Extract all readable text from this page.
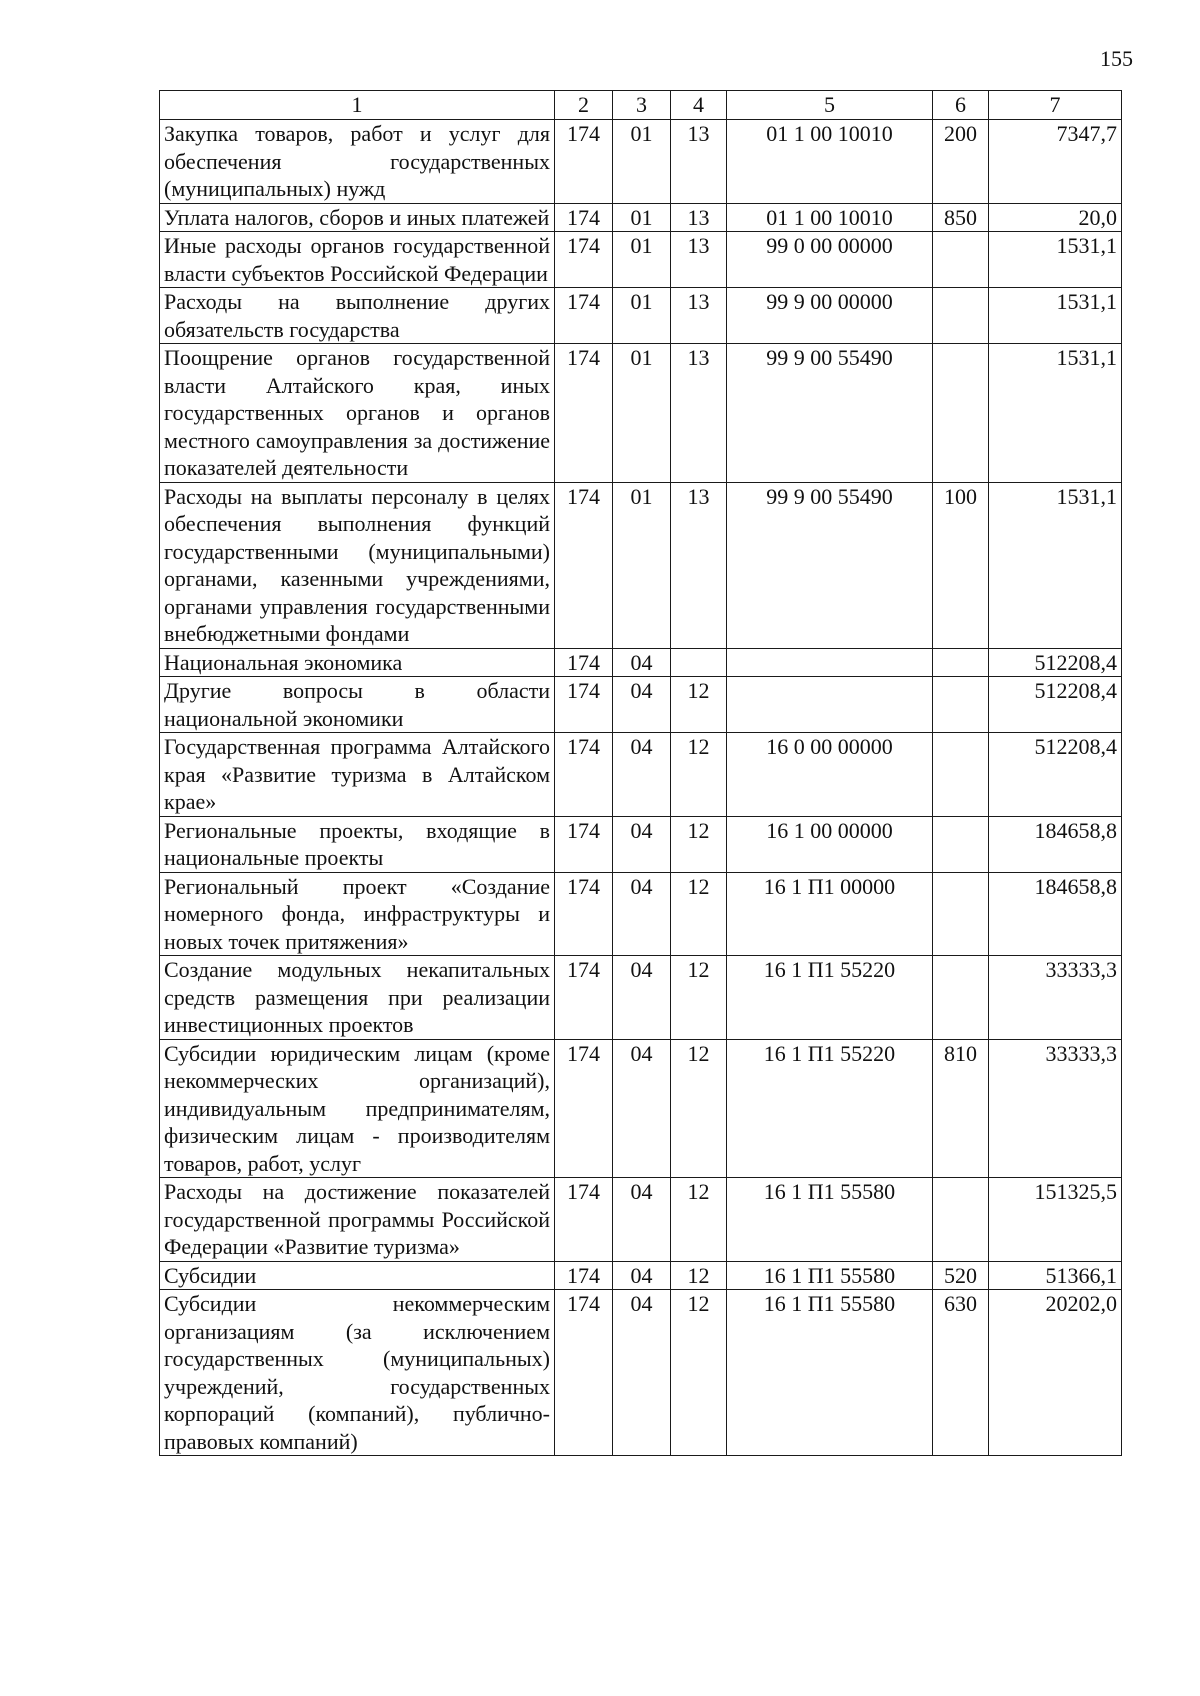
155
1	2	3	4	5	6	7
Закупка товаров, работ и услуг для обеспечения государственных (муниципальных) нужд	174	01	13	01 1 00 10010	200	7347,7
Уплата налогов, сборов и иных платежей	174	01	13	01 1 00 10010	850	20,0
Иные расходы органов государственной власти субъектов Российской Федерации	174	01	13	99 0 00 00000		1531,1
Расходы на выполнение других обязательств государства	174	01	13	99 9 00 00000		1531,1
Поощрение органов государственной власти Алтайского края, иных государственных органов и органов местного самоуправления за достижение показателей деятельности	174	01	13	99 9 00 55490		1531,1
Расходы на выплаты персоналу в целях обеспечения выполнения функций государственными (муниципальными) органами, казенными учреждениями, органами управления государственными внебюджетными фондами	174	01	13	99 9 00 55490	100	1531,1
Национальная экономика	174	04				512208,4
Другие вопросы в области национальной экономики	174	04	12			512208,4
Государственная программа Алтайского края «Развитие туризма в Алтайском крае»	174	04	12	16 0 00 00000		512208,4
Региональные проекты, входящие в национальные проекты	174	04	12	16 1 00 00000		184658,8
Региональный проект «Создание номерного фонда, инфраструктуры и новых точек притяжения»	174	04	12	16 1 П1 00000		184658,8
Создание модульных некапитальных средств размещения при реализации инвестиционных проектов	174	04	12	16 1 П1 55220		33333,3
Субсидии юридическим лицам (кроме некоммерческих организаций), индивидуальным предпринимателям, физическим лицам - производителям товаров, работ, услуг	174	04	12	16 1 П1 55220	810	33333,3
Расходы на достижение показателей государственной программы Российской Федерации «Развитие туризма»	174	04	12	16 1 П1 55580		151325,5
Субсидии	174	04	12	16 1 П1 55580	520	51366,1
Субсидии некоммерческим организациям (за исключением государственных (муниципальных) учреждений, государственных корпораций (компаний), публично-правовых компаний)	174	04	12	16 1 П1 55580	630	20202,0
